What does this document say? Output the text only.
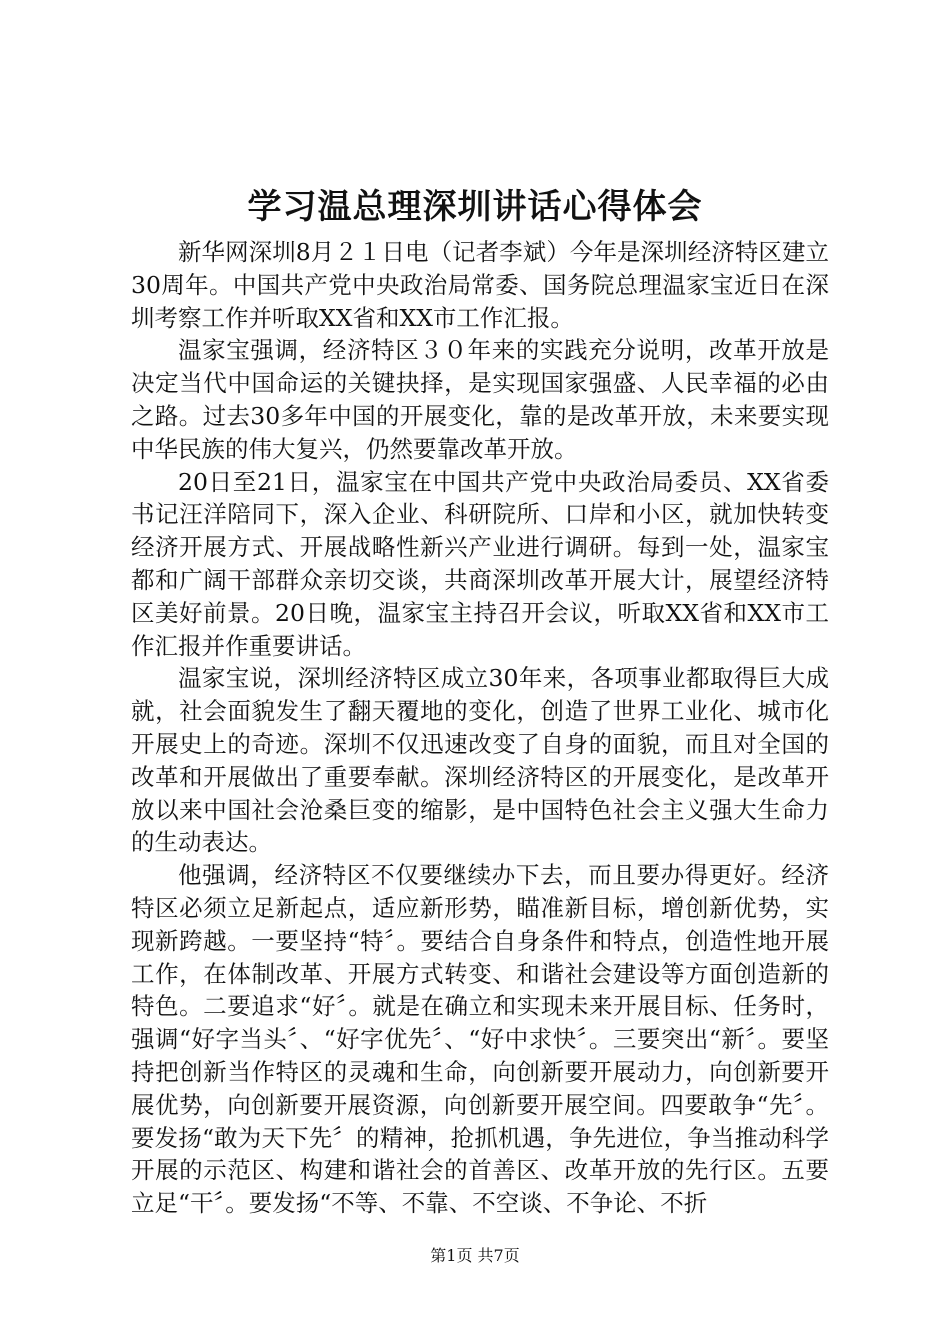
学习温总理深圳讲话心得体会

新华网深圳8月２１日电（记者李斌）今年是深圳经济特区建立30周年。中国共产党中央政治局常委、国务院总理温家宝近日在深圳考察工作并听取XX省和XX市工作汇报。

温家宝强调，经济特区３０年来的实践充分说明，改革开放是决定当代中国命运的关键抉择，是实现国家强盛、人民幸福的必由之路。过去30多年中国的开展变化，靠的是改革开放，未来要实现中华民族的伟大复兴，仍然要靠改革开放。

20日至21日，温家宝在中国共产党中央政治局委员、XX省委书记汪洋陪同下，深入企业、科研院所、口岸和小区，就加快转变经济开展方式、开展战略性新兴产业进行调研。每到一处，温家宝都和广阔干部群众亲切交谈，共商深圳改革开展大计，展望经济特区美好前景。20日晚，温家宝主持召开会议，听取XX省和XX市工作汇报并作重要讲话。

温家宝说，深圳经济特区成立30年来，各项事业都取得巨大成就，社会面貌发生了翻天覆地的变化，创造了世界工业化、城市化开展史上的奇迹。深圳不仅迅速改变了自身的面貌，而且对全国的改革和开展做出了重要奉献。深圳经济特区的开展变化，是改革开放以来中国社会沧桑巨变的缩影，是中国特色社会主义强大生命力的生动表达。

他强调，经济特区不仅要继续办下去，而且要办得更好。经济特区必须立足新起点，适应新形势，瞄准新目标，增创新优势，实现新跨越。一要坚持“特〞。要结合自身条件和特点，创造性地开展工作，在体制改革、开展方式转变、和谐社会建设等方面创造新的特色。二要追求“好〞。就是在确立和实现未来开展目标、任务时，强调“好字当头〞、“好字优先〞、“好中求快〞。三要突出“新〞。要坚持把创新当作特区的灵魂和生命，向创新要开展动力，向创新要开展优势，向创新要开展资源，向创新要开展空间。四要敢争“先〞。要发扬“敢为天下先〞的精神，抢抓机遇，争先进位，争当推动科学开展的示范区、构建和谐社会的首善区、改革开放的先行区。五要立足“干〞。要发扬“不等、不靠、不空谈、不争论、不折

第1页 共7页
